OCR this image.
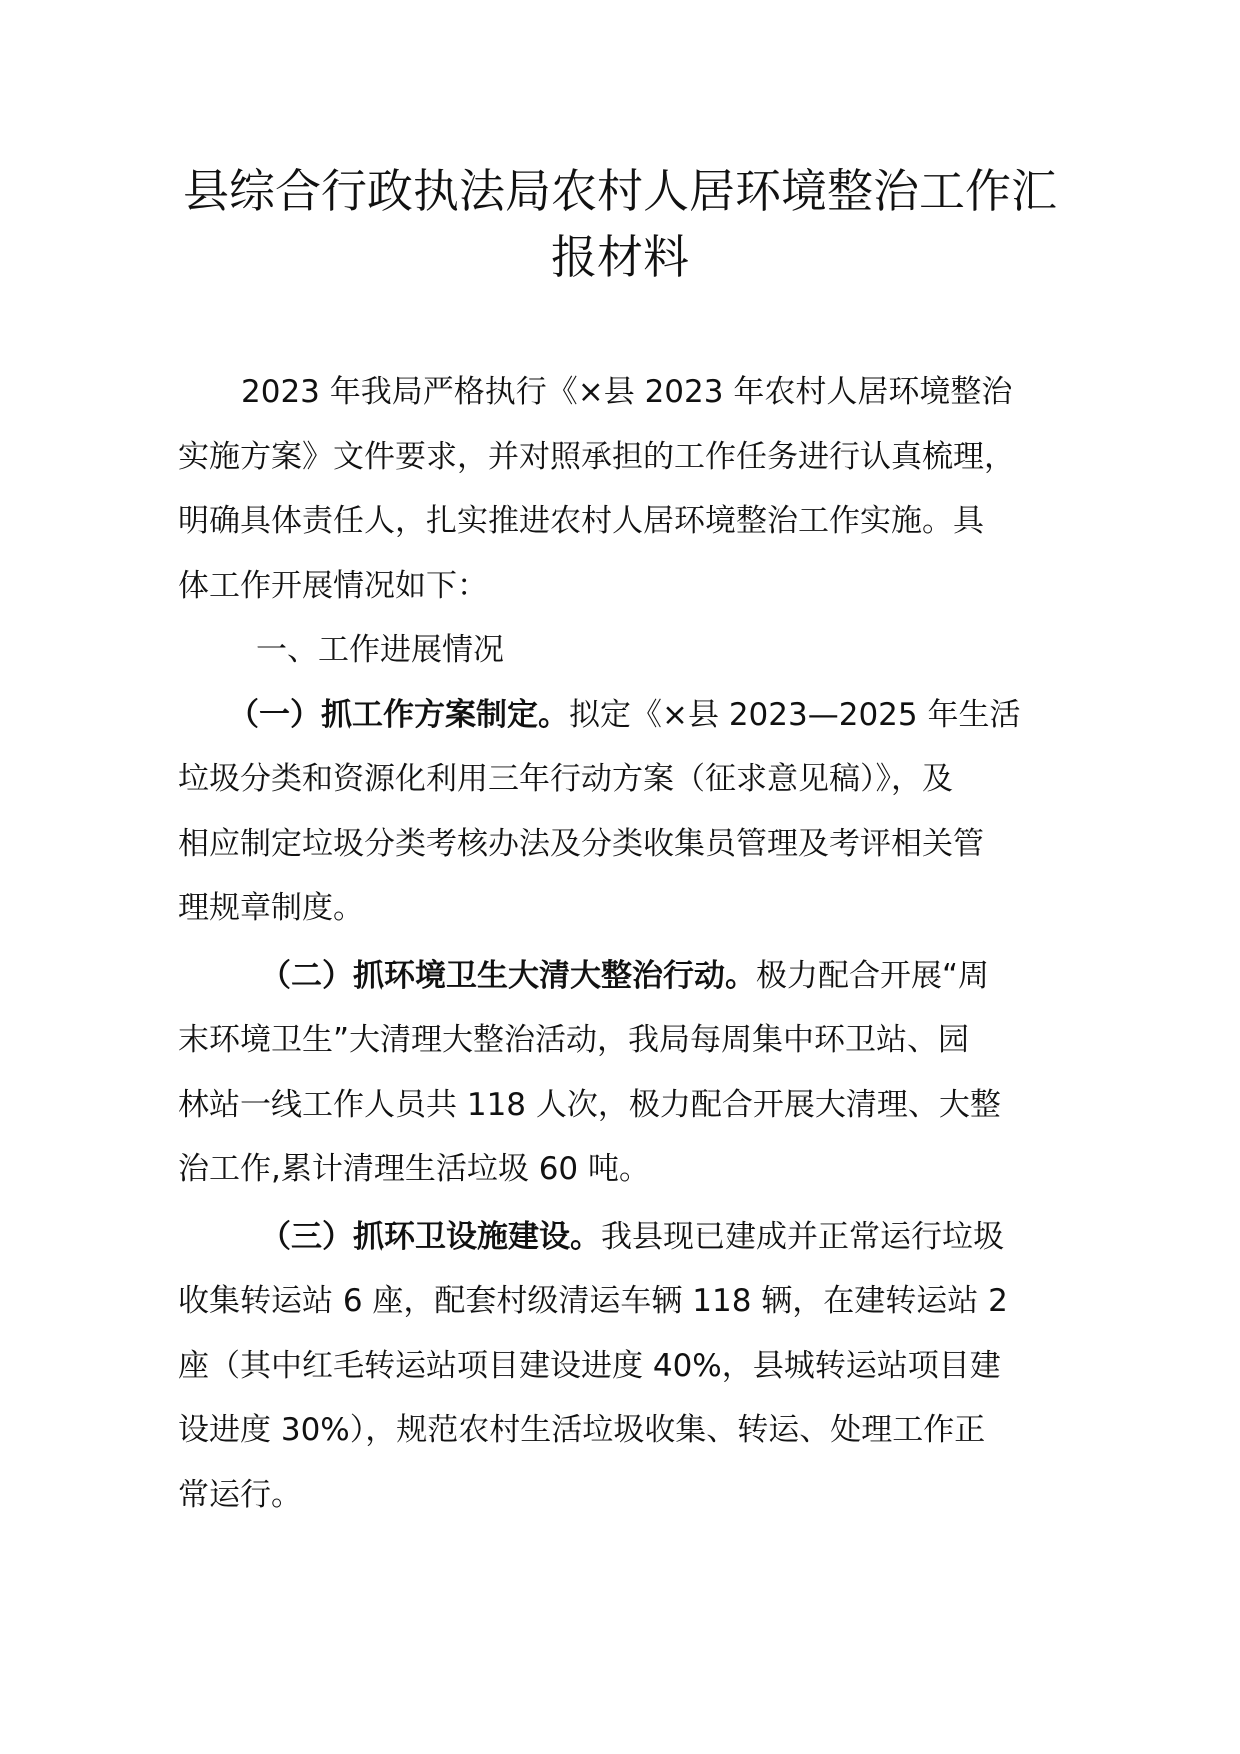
县综合行政执法局农村人居环境整治工作汇
报材料
2023 年我局严格执行《×县 2023 年农村人居环境整治
实施方案》文件要求，并对照承担的工作任务进行认真梳理，
明确具体责任人，扎实推进农村人居环境整治工作实施。具
体工作开展情况如下：
一、工作进展情况
（一）抓工作方案制定。拟定《×县 2023—2025 年生活
垃圾分类和资源化利用三年行动方案（征求意见稿）》，及
相应制定垃圾分类考核办法及分类收集员管理及考评相关管
理规章制度。
（二）抓环境卫生大清大整治行动。极力配合开展“周
末环境卫生”大清理大整治活动，我局每周集中环卫站、园
林站一线工作人员共 118 人次，极力配合开展大清理、大整
治工作,累计清理生活垃圾 60 吨。
（三）抓环卫设施建设。我县现已建成并正常运行垃圾
收集转运站 6 座，配套村级清运车辆 118 辆，在建转运站 2
座（其中红毛转运站项目建设进度 40%，县城转运站项目建
设进度 30%），规范农村生活垃圾收集、转运、处理工作正
常运行。
